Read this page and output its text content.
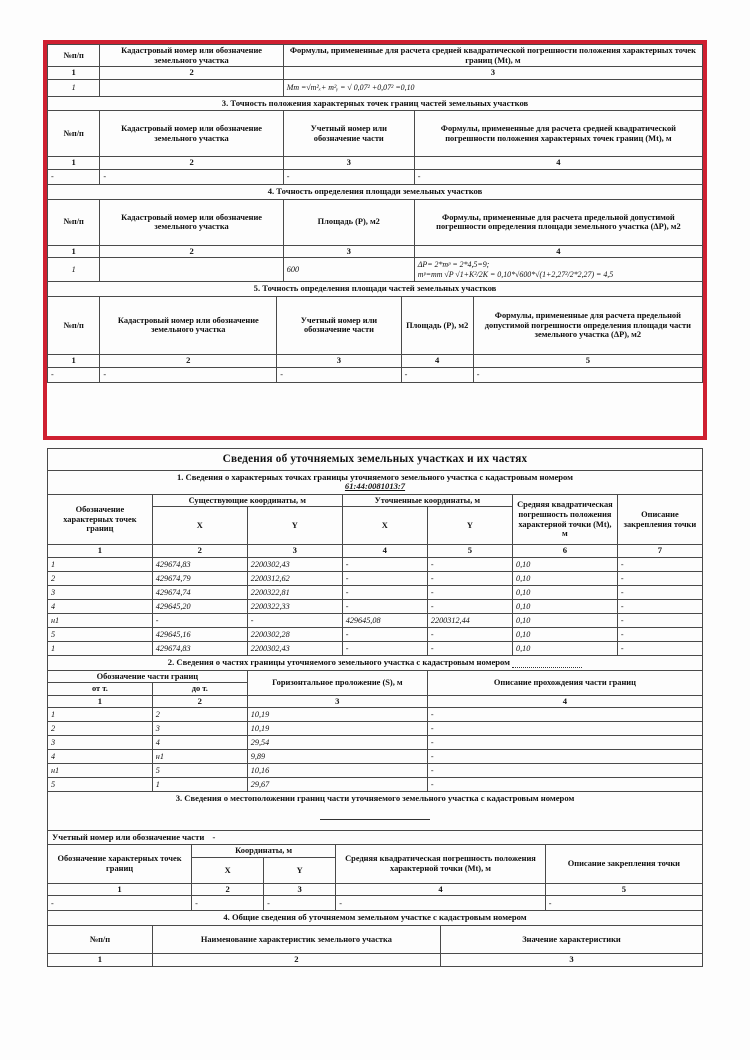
№п/п	Кадастровый номер или обозначение земельного участка	Формулы, примененные для расчета средней квадратической погрешности положения характерных точек границ (Mt), м
1	2	3
1		Mт =√m²ₓ+ m²ᵧ = √ 0,07² +0,07² =0,10
3. Точность положения характерных точек границ частей земельных участков			
№п/п	Кадастровый номер или обозначение земельного участка	Учетный номер или обозначение части	Формулы, примененные для расчета средней квадратической погрешности положения характерных точек границ (Mt), м
1	2	3	4
-	-	-	-
4. Точность определения площади земельных участков			
№п/п	Кадастровый номер или обозначение земельного участка	Площадь (Р), м2	Формулы, примененные для расчета предельной допустимой погрешности определения площади земельного участка (ΔР), м2
1	2	3	4
1		600	ΔP= 2*mᵖ = 2*4,5=9;
mᵖ=mт √P √1+K²/2K = 0,10*√600*√(1+2,27²/2*2,27) = 4,5
5. Точность определения площади частей земельных участков				
№п/п	Кадастровый номер или обозначение земельного участка	Учетный номер или обозначение части	Площадь (Р), м2	Формулы, примененные для расчета предельной допустимой погрешности определения площади части земельного участка (ΔР), м2
1	2	3	4	5
-	-	-	-	-
Сведения об уточняемых земельных участках и их частях						

1. Сведения о характерных точках границы уточняемого земельного участка с кадастровым номером
61:44:0081013:7						

Обозначение характерных точек границ	Существующие координаты, м		Уточненные координаты, м		Средняя квадратическая погрешность положения характерной точки (Mt), м	Описание закрепления точки
	X	Y	X	Y		
1	2	3	4	5	6	7
1	429674,83	2200302,43	-	-	0,10	-
2	429674,79	2200312,62	-	-	0,10	-
3	429674,74	2200322,81	-	-	0,10	-
4	429645,20	2200322,33	-	-	0,10	-
н1	-	-	429645,08	2200312,44	0,10	-
5	429645,16	2200302,28	-	-	0,10	-
1	429674,83	2200302,43	-	-	0,10	-
2. Сведения о частях границы уточняемого земельного участка с кадастровым номером			
Обозначение части границ		Горизонтальное проложение (S), м	Описание прохождения части границ
от т.	до т.		
1	2	3	4
1	2	10,19	-
2	3	10,19	-
3	4	29,54	-
4	н1	9,89	-
н1	5	10,16	-
5	1	29,67	-
3. Сведения о местоположении границ части уточняемого земельного участка с кадастровым номером				

Учетный номер или обозначение части -				
Обозначение характерных точек границ	Координаты, м		Средняя квадратическая погрешность положения характерной точки (Mt), м	Описание закрепления точки
	X	Y		
1	2	3	4	5
-	-	-	-	-
4. Общие сведения об уточняемом земельном участке с кадастровым номером		
№п/п	Наименование характеристик земельного участка	Значение характеристики
1	2	3
